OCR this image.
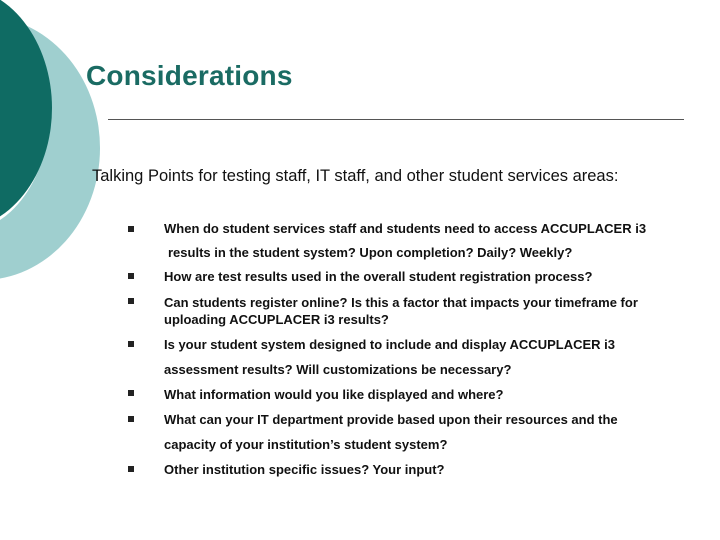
Considerations
Talking Points for testing staff, IT staff, and other student services areas:
When do student services staff and students need to access ACCUPLACER i3
results in the student system? Upon completion? Daily? Weekly?
How are test results used in the overall student registration process?
Can students register online? Is this a factor that impacts your timeframe for
uploading ACCUPLACER i3 results?
Is your student system designed to include and display ACCUPLACER i3
assessment results? Will customizations be necessary?
What information would you like displayed and where?
What can your IT department provide based upon their resources and the
capacity of your institution’s student system?
Other institution specific issues? Your input?
